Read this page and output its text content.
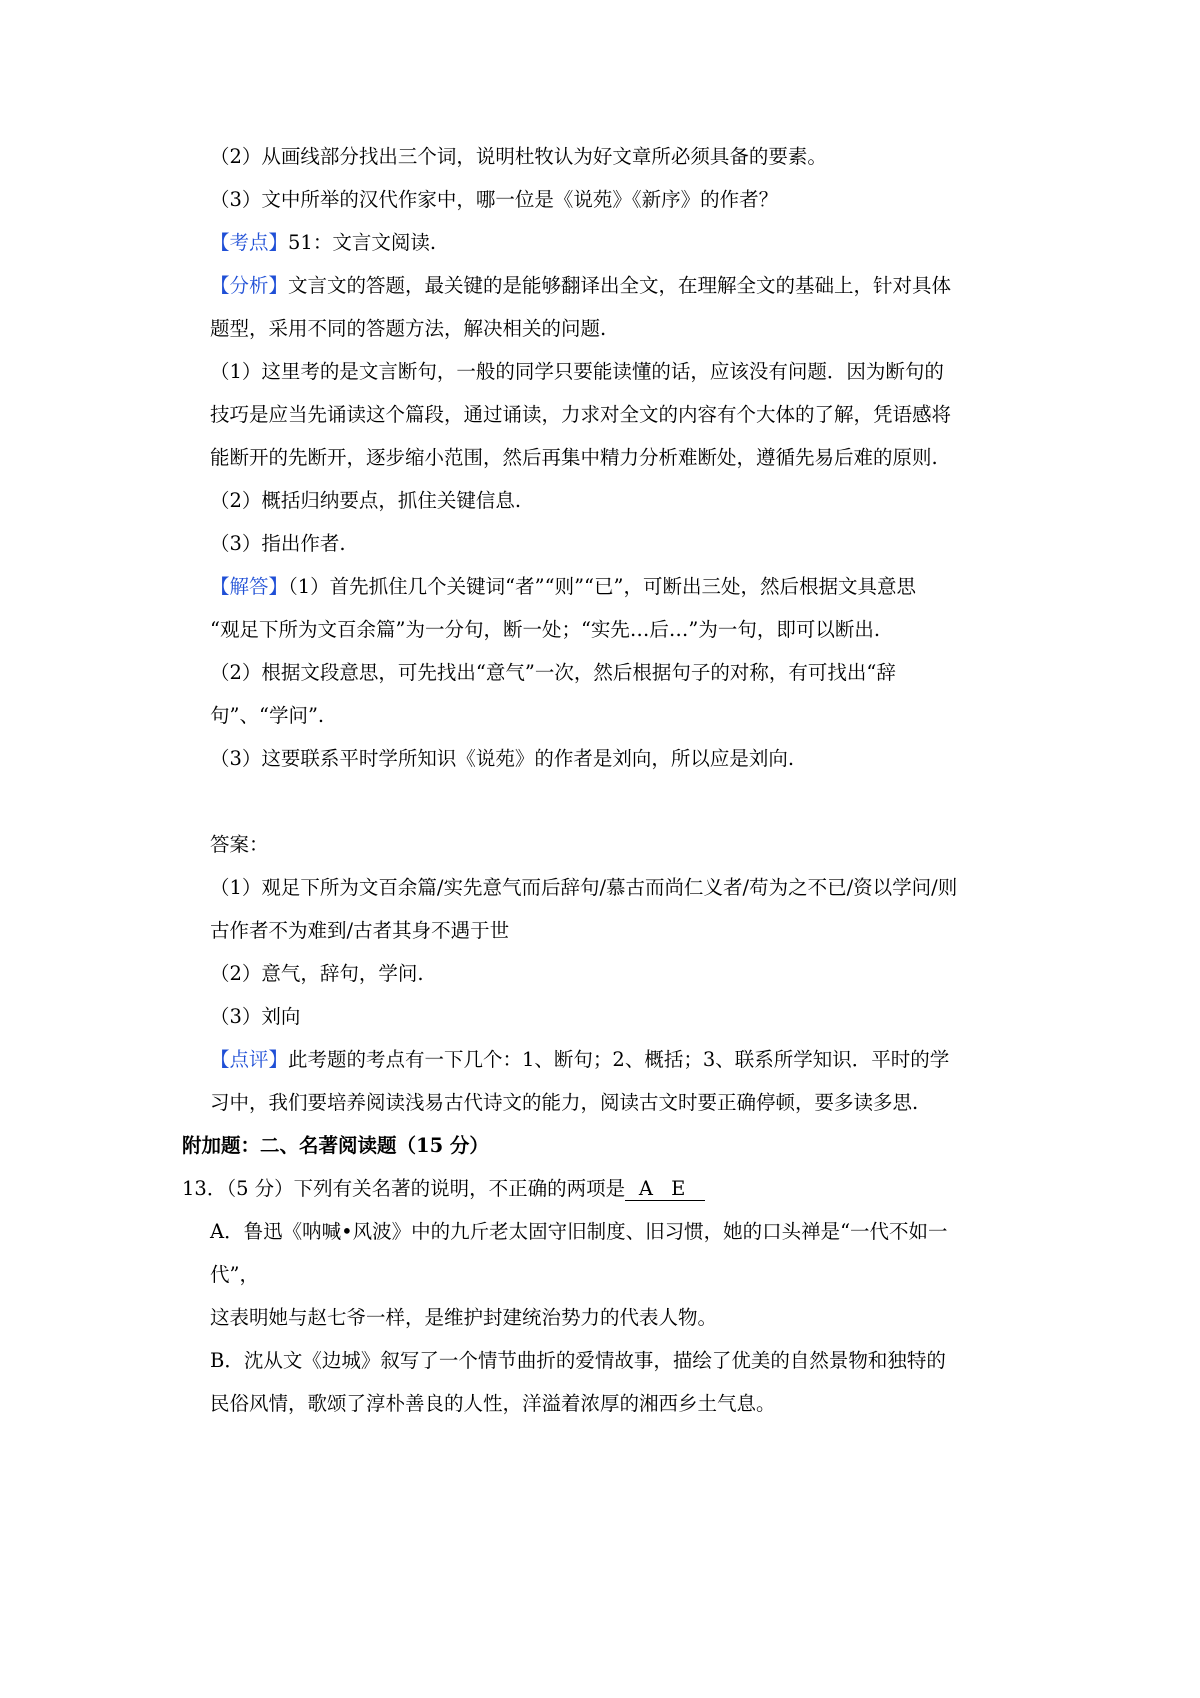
（2）从画线部分找出三个词，说明杜牧认为好文章所必须具备的要素。
（3）文中所举的汉代作家中，哪一位是《说苑》《新序》的作者？
【考点】51：文言文阅读.
【分析】文言文的答题，最关键的是能够翻译出全文，在理解全文的基础上，针对具体
题型，采用不同的答题方法，解决相关的问题.
（1）这里考的是文言断句，一般的同学只要能读懂的话，应该没有问题．因为断句的
技巧是应当先诵读这个篇段，通过诵读，力求对全文的内容有个大体的了解，凭语感将
能断开的先断开，逐步缩小范围，然后再集中精力分析难断处，遵循先易后难的原则.
（2）概括归纳要点，抓住关键信息.
（3）指出作者.
【解答】（1）首先抓住几个关键词“者”“则”“已”，可断出三处，然后根据文具意思
“观足下所为文百余篇”为一分句，断一处；“实先…后…”为一句，即可以断出.
（2）根据文段意思，可先找出“意气”一次，然后根据句子的对称，有可找出“辞
句”、“学问”.
（3）这要联系平时学所知识《说苑》的作者是刘向，所以应是刘向.
答案：
（1）观足下所为文百余篇/实先意气而后辞句/慕古而尚仁义者/苟为之不已/资以学问/则
古作者不为难到/古者其身不遇于世
（2）意气，辞句，学问.
（3）刘向
【点评】此考题的考点有一下几个：1、断句；2、概括；3、联系所学知识．平时的学
习中，我们要培养阅读浅易古代诗文的能力，阅读古文时要正确停顿，要多读多思.
附加题：二、名著阅读题（15 分）
13．（5 分）下列有关名著的说明，不正确的两项是 A E
A．鲁迅《呐喊•风波》中的九斤老太固守旧制度、旧习惯，她的口头禅是“一代不如一
代”，
这表明她与赵七爷一样，是维护封建统治势力的代表人物。
B．沈从文《边城》叙写了一个情节曲折的爱情故事，描绘了优美的自然景物和独特的
民俗风情，歌颂了淳朴善良的人性，洋溢着浓厚的湘西乡土气息。
